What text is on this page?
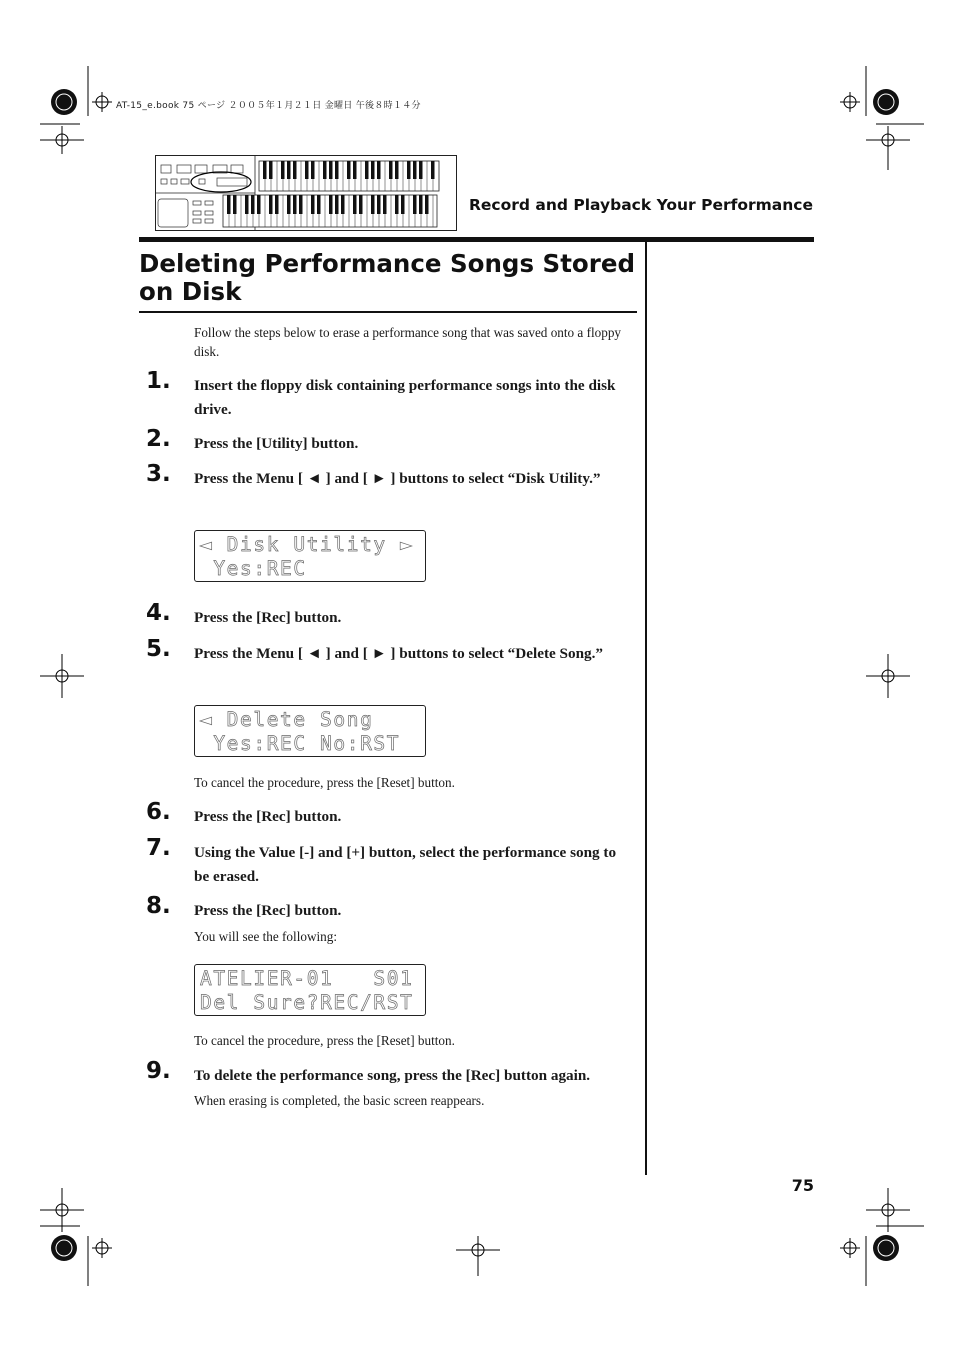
AT-15_e.book 75 ページ ２００５年１月２１日 金曜日 午後８時１４分
Record and Playback Your Performance
Deleting Performance Songs Stored on Disk
Follow the steps below to erase a performance song that was saved onto a floppy disk.
1. Insert the floppy disk containing performance songs into the disk drive.
2. Press the [Utility] button.
3. Press the Menu [ ◄ ] and [ ► ] buttons to select “Disk Utility.”
◄ Disk Utility ►
Yes:REC
4. Press the [Rec] button.
5. Press the Menu [ ◄ ] and [ ► ] buttons to select “Delete Song.”
◄ Delete Song
Yes:REC No:RST
To cancel the procedure, press the [Reset] button.
6. Press the [Rec] button.
7. Using the Value [-] and [+] button, select the performance song to be erased.
8. Press the [Rec] button.
You will see the following:
ATELIER-01   S01
Del Sure?REC/RST
To cancel the procedure, press the [Reset] button.
9. To delete the performance song, press the [Rec] button again.
When erasing is completed, the basic screen reappears.
75
